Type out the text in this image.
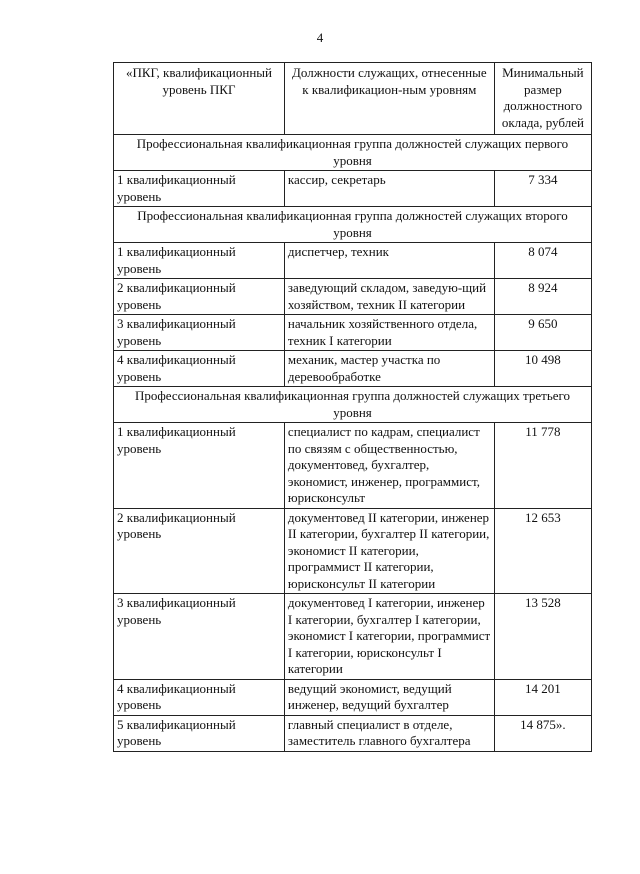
4
«ПКГ, квалификационный уровень ПКГ	Должности служащих, отнесенные к квалификацион-ным уровням	Минимальный размер должностного оклада, рублей
Профессиональная квалификационная группа должностей служащих первого уровня		
1 квалификационный уровень	кассир, секретарь	7 334
Профессиональная квалификационная группа должностей служащих второго уровня		
1 квалификационный уровень	диспетчер, техник	8 074
2 квалификационный уровень	заведующий складом, заведую-щий хозяйством, техник II категории	8 924
3 квалификационный уровень	начальник хозяйственного отдела, техник I категории	9 650
4 квалификационный уровень	механик, мастер участка по деревообработке	10 498
Профессиональная квалификационная группа должностей служащих третьего уровня		
1 квалификационный уровень	специалист по кадрам, специалист по связям с общественностью, документовед, бухгалтер, экономист, инженер, программист, юрисконсульт	11 778
2 квалификационный уровень	документовед II категории, инженер II категории, бухгалтер II категории, экономист II категории, программист II категории, юрисконсульт II категории	12 653
3 квалификационный уровень	документовед I категории, инженер I категории, бухгалтер I категории, экономист I категории, программист I категории, юрисконсульт I категории	13 528
4 квалификационный уровень	ведущий экономист, ведущий инженер, ведущий бухгалтер	14 201
5 квалификационный уровень	главный специалист в отделе, заместитель главного бухгалтера	14 875».
